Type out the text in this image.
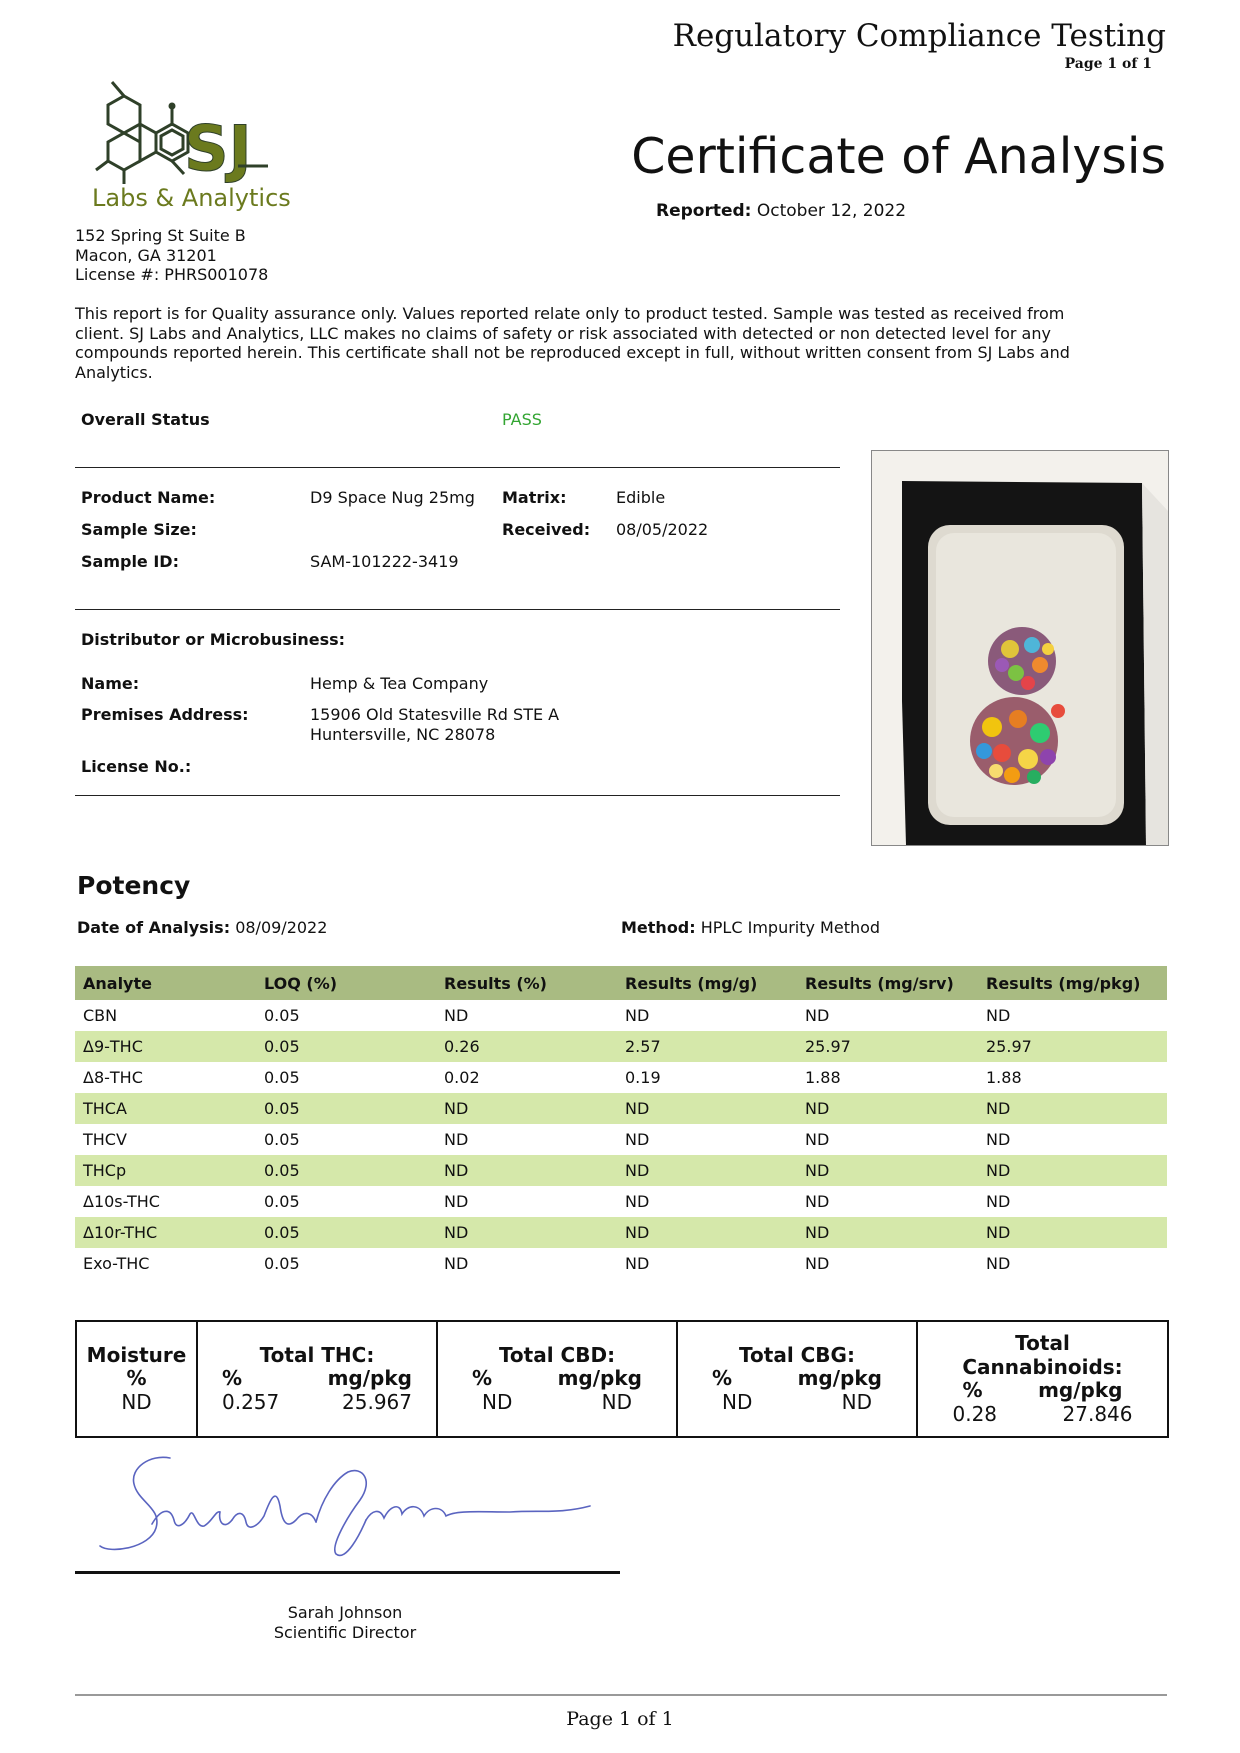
Regulatory Compliance Testing
Page 1 of 1
Certificate of Analysis
Reported: October 12, 2022
SJ
Labs & Analytics
152 Spring St Suite B
Macon, GA 31201
License #: PHRS001078
This report is for Quality assurance only. Values reported relate only to product tested. Sample was tested as received from client. SJ Labs and Analytics, LLC makes no claims of safety or risk associated with detected or non detected level for any compounds reported herein. This certificate shall not be reproduced except in full, without written consent from SJ Labs and Analytics.
Overall Status	PASS
Product Name:	D9 Space Nug 25mg Matrix:	Edible
Sample Size:	Received: 08/05/2022
Sample ID:	SAM-101222-3419
Distributor or Microbusiness:
Name:	Hemp & Tea Company
Premises Address:	15906 Old Statesville Rd STE A
Huntersville, NC 28078
License No.:
Potency
Date of Analysis: 08/09/2022	Method: HPLC Impurity Method
Analyte	LOQ (%)	Results (%)	Results (mg/g)	Results (mg/srv)	Results (mg/pkg)
CBN	0.05	ND	ND	ND	ND
Δ9-THC	0.05	0.26	2.57	25.97	25.97
Δ8-THC	0.05	0.02	0.19	1.88	1.88
THCA	0.05	ND	ND	ND	ND
THCV	0.05	ND	ND	ND	ND
THCp	0.05	ND	ND	ND	ND
Δ10s-THC	0.05	ND	ND	ND	ND
Δ10r-THC	0.05	ND	ND	ND	ND
Exo-THC	0.05	ND	ND	ND	ND
Moisture
%
ND
Total THC:
%	mg/pkg
0.257	25.967
Total CBD:
%	mg/pkg
ND	ND
Total CBG:
%	mg/pkg
ND	ND
Total
Cannabinoids:
%	mg/pkg
0.28	27.846
Sarah Johnson
Scientific Director
Page 1 of 1
